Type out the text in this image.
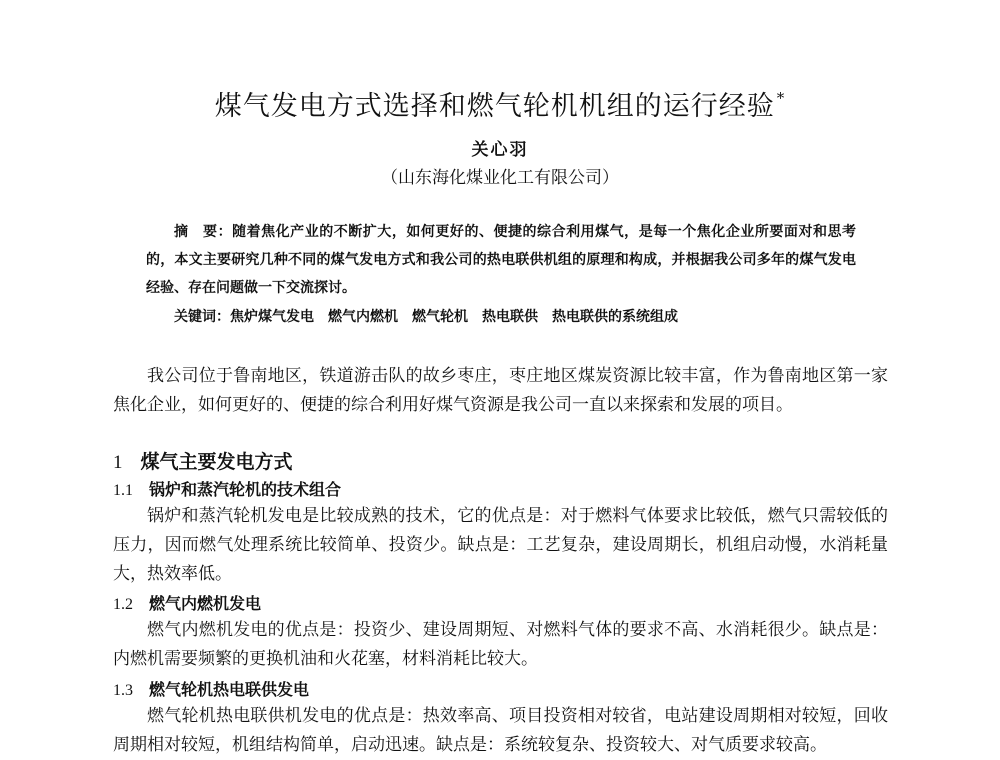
煤气发电方式选择和燃气轮机机组的运行经验 *
关心羽
（山东海化煤业化工有限公司）

摘　要：随着焦化产业的不断扩大，如何更好的、便捷的综合利用煤气，是每一个焦化企业所要面对和思考的，本文主要研究几种不同的煤气发电方式和我公司的热电联供机组的原理和构成，并根据我公司多年的煤气发电经验、存在问题做一下交流探讨。

关键词：焦炉煤气发电 燃气内燃机 燃气轮机 热电联供 热电联供的系统组成

我公司位于鲁南地区，铁道游击队的故乡枣庄，枣庄地区煤炭资源比较丰富，作为鲁南地区第一家焦化企业，如何更好的、便捷的综合利用好煤气资源是我公司一直以来探索和发展的项目。

1 煤气主要发电方式
1.1 锅炉和蒸汽轮机的技术组合

锅炉和蒸汽轮机发电是比较成熟的技术，它的优点是：对于燃料气体要求比较低，燃气只需较低的压力，因而燃气处理系统比较简单、投资少。缺点是：工艺复杂，建设周期长，机组启动慢，水消耗量大，热效率低。

1.2 燃气内燃机发电

燃气内燃机发电的优点是：投资少、建设周期短、对燃料气体的要求不高、水消耗很少。缺点是：内燃机需要频繁的更换机油和火花塞，材料消耗比较大。

1.3 燃气轮机热电联供发电

燃气轮机热电联供机发电的优点是：热效率高、项目投资相对较省，电站建设周期相对较短，回收周期相对较短，机组结构简单，启动迅速。缺点是：系统较复杂、投资较大、对气质要求较高。
